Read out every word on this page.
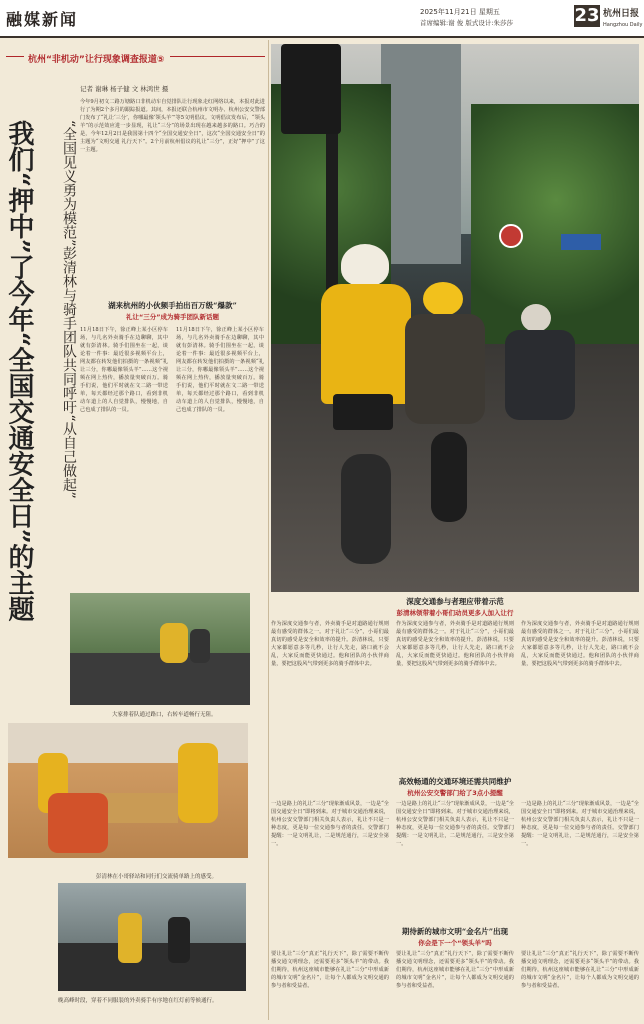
融媒新闻	2025年11月21日 星期五
首席编辑:谢 俊 版式设计:朱莎莎	23 杭州日报
Hangzhou Daily
杭州“非机动”让行现象调查报道⑤
我们“押中”了今年“全国交通安全日”的主题	“全国见义勇为模范”彭清林与骑手团队共同呼吁“从自己做起”
记者 谢琳 杨子健 文 林鸿世 摄
今年9月初文二路万塘路口非机动车自觉排队让行现象走红网络以来，本报对此进行了为期2个多月的跟踪报道。其间，本报还联合杭州市文明办、杭州公安交警部门发布了“礼让‘三分’，你哪最像‘领头羊’”等5文明倡议。文明倡议发布后，“领头羊”的示范效应进一步显现，礼让“三分”的场景出现在越来越多的路口。巧合的是，今年12月2日是我国第十四个“全国交通安全日”，这次“全国交通安全日”的主题为“文明交通 礼行天下”。2个月前杭州倡议的礼让“三分”，正好“押中”了这一主题。
湖来杭州的小伙频手拍出百万级“爆款”
礼让“三分”成为骑手团队新话题
11月18日下午，徐正峰上某小区停车场，与几名外卖骑手在边聊聊，其中就有彭清林。骑手们围坐在一起，谈论着一件事：最近很多视频平台上，网友都在转发他们拍摄的一条视频“礼让三分，你哪最像领头羊”……这个视频在网上热传，播放量突破百万。骑手们说，他们平时就在文二路一带送单，每天都经过那个路口，看到非机动车道上的人自觉排队，慢慢地，自己也成了排队的一员。
11月18日下午，徐正峰上某小区停车场，与几名外卖骑手在边聊聊，其中就有彭清林。骑手们围坐在一起，谈论着一件事：最近很多视频平台上，网友都在转发他们拍摄的一条视频“礼让三分，你哪最像领头羊”……这个视频在网上热传，播放量突破百万。骑手们说，他们平时就在文二路一带送单，每天都经过那个路口，看到非机动车道上的人自觉排队，慢慢地，自己也成了排队的一员。
深度交通参与者理应带着示范
彭清林领带着小哥们动员更多人加入让行
作为深度交通参与者，外卖骑手是对道路通行规则最有感受的群体之一。对于礼让“三分”，小哥们最真切的感受是安全和效率的提升。彭清林说，只要大家都愿意多等几秒，让行人先走，路口就不会乱，大家反而能更快通过。他和团队的小伙伴商量，要把这股风气带到更多的骑手群体中去。
作为深度交通参与者，外卖骑手是对道路通行规则最有感受的群体之一。对于礼让“三分”，小哥们最真切的感受是安全和效率的提升。彭清林说，只要大家都愿意多等几秒，让行人先走，路口就不会乱，大家反而能更快通过。他和团队的小伙伴商量，要把这股风气带到更多的骑手群体中去。
作为深度交通参与者，外卖骑手是对道路通行规则最有感受的群体之一。对于礼让“三分”，小哥们最真切的感受是安全和效率的提升。彭清林说，只要大家都愿意多等几秒，让行人先走，路口就不会乱，大家反而能更快通过。他和团队的小伙伴商量，要把这股风气带到更多的骑手群体中去。
高效畅通的交通环境还需共同维护
杭州公安交警部门给了3点小提醒
一边是路上的礼让“三分”现象渐成风景，一边是“全国交通安全日”即将到来。对于城市交通治理来说，杭州公安交警部门相关负责人表示，礼让不只是一种态度，更是每一位交通参与者的责任。交警部门提醒：一是文明礼让，二是规范通行，三是安全第一。
一边是路上的礼让“三分”现象渐成风景，一边是“全国交通安全日”即将到来。对于城市交通治理来说，杭州公安交警部门相关负责人表示，礼让不只是一种态度，更是每一位交通参与者的责任。交警部门提醒：一是文明礼让，二是规范通行，三是安全第一。
一边是路上的礼让“三分”现象渐成风景，一边是“全国交通安全日”即将到来。对于城市交通治理来说，杭州公安交警部门相关负责人表示，礼让不只是一种态度，更是每一位交通参与者的责任。交警部门提醒：一是文明礼让，二是规范通行，三是安全第一。
期待新的城市文明“金名片”出现
你会是下一个“领头羊”吗
要让礼让“三分”真正“礼行天下”，除了需要不断传播交通文明理念，还需要更多“领头羊”的带动。我们期待，杭州这座城市能够在礼让“三分”中形成新的城市文明“金名片”，让每个人都成为文明交通的参与者和受益者。
要让礼让“三分”真正“礼行天下”，除了需要不断传播交通文明理念，还需要更多“领头羊”的带动。我们期待，杭州这座城市能够在礼让“三分”中形成新的城市文明“金名片”，让每个人都成为文明交通的参与者和受益者。
要让礼让“三分”真正“礼行天下”，除了需要不断传播交通文明理念，还需要更多“领头羊”的带动。我们期待，杭州这座城市能够在礼让“三分”中形成新的城市文明“金名片”，让每个人都成为文明交通的参与者和受益者。
大家排着队通过路口，右转车道畅行无阻。
彭清林在小哥驿站和同行们交流骑单路上的感受。
晚高峰时段，穿着不同服装的外卖骑手有序地在红灯前等候通行。
